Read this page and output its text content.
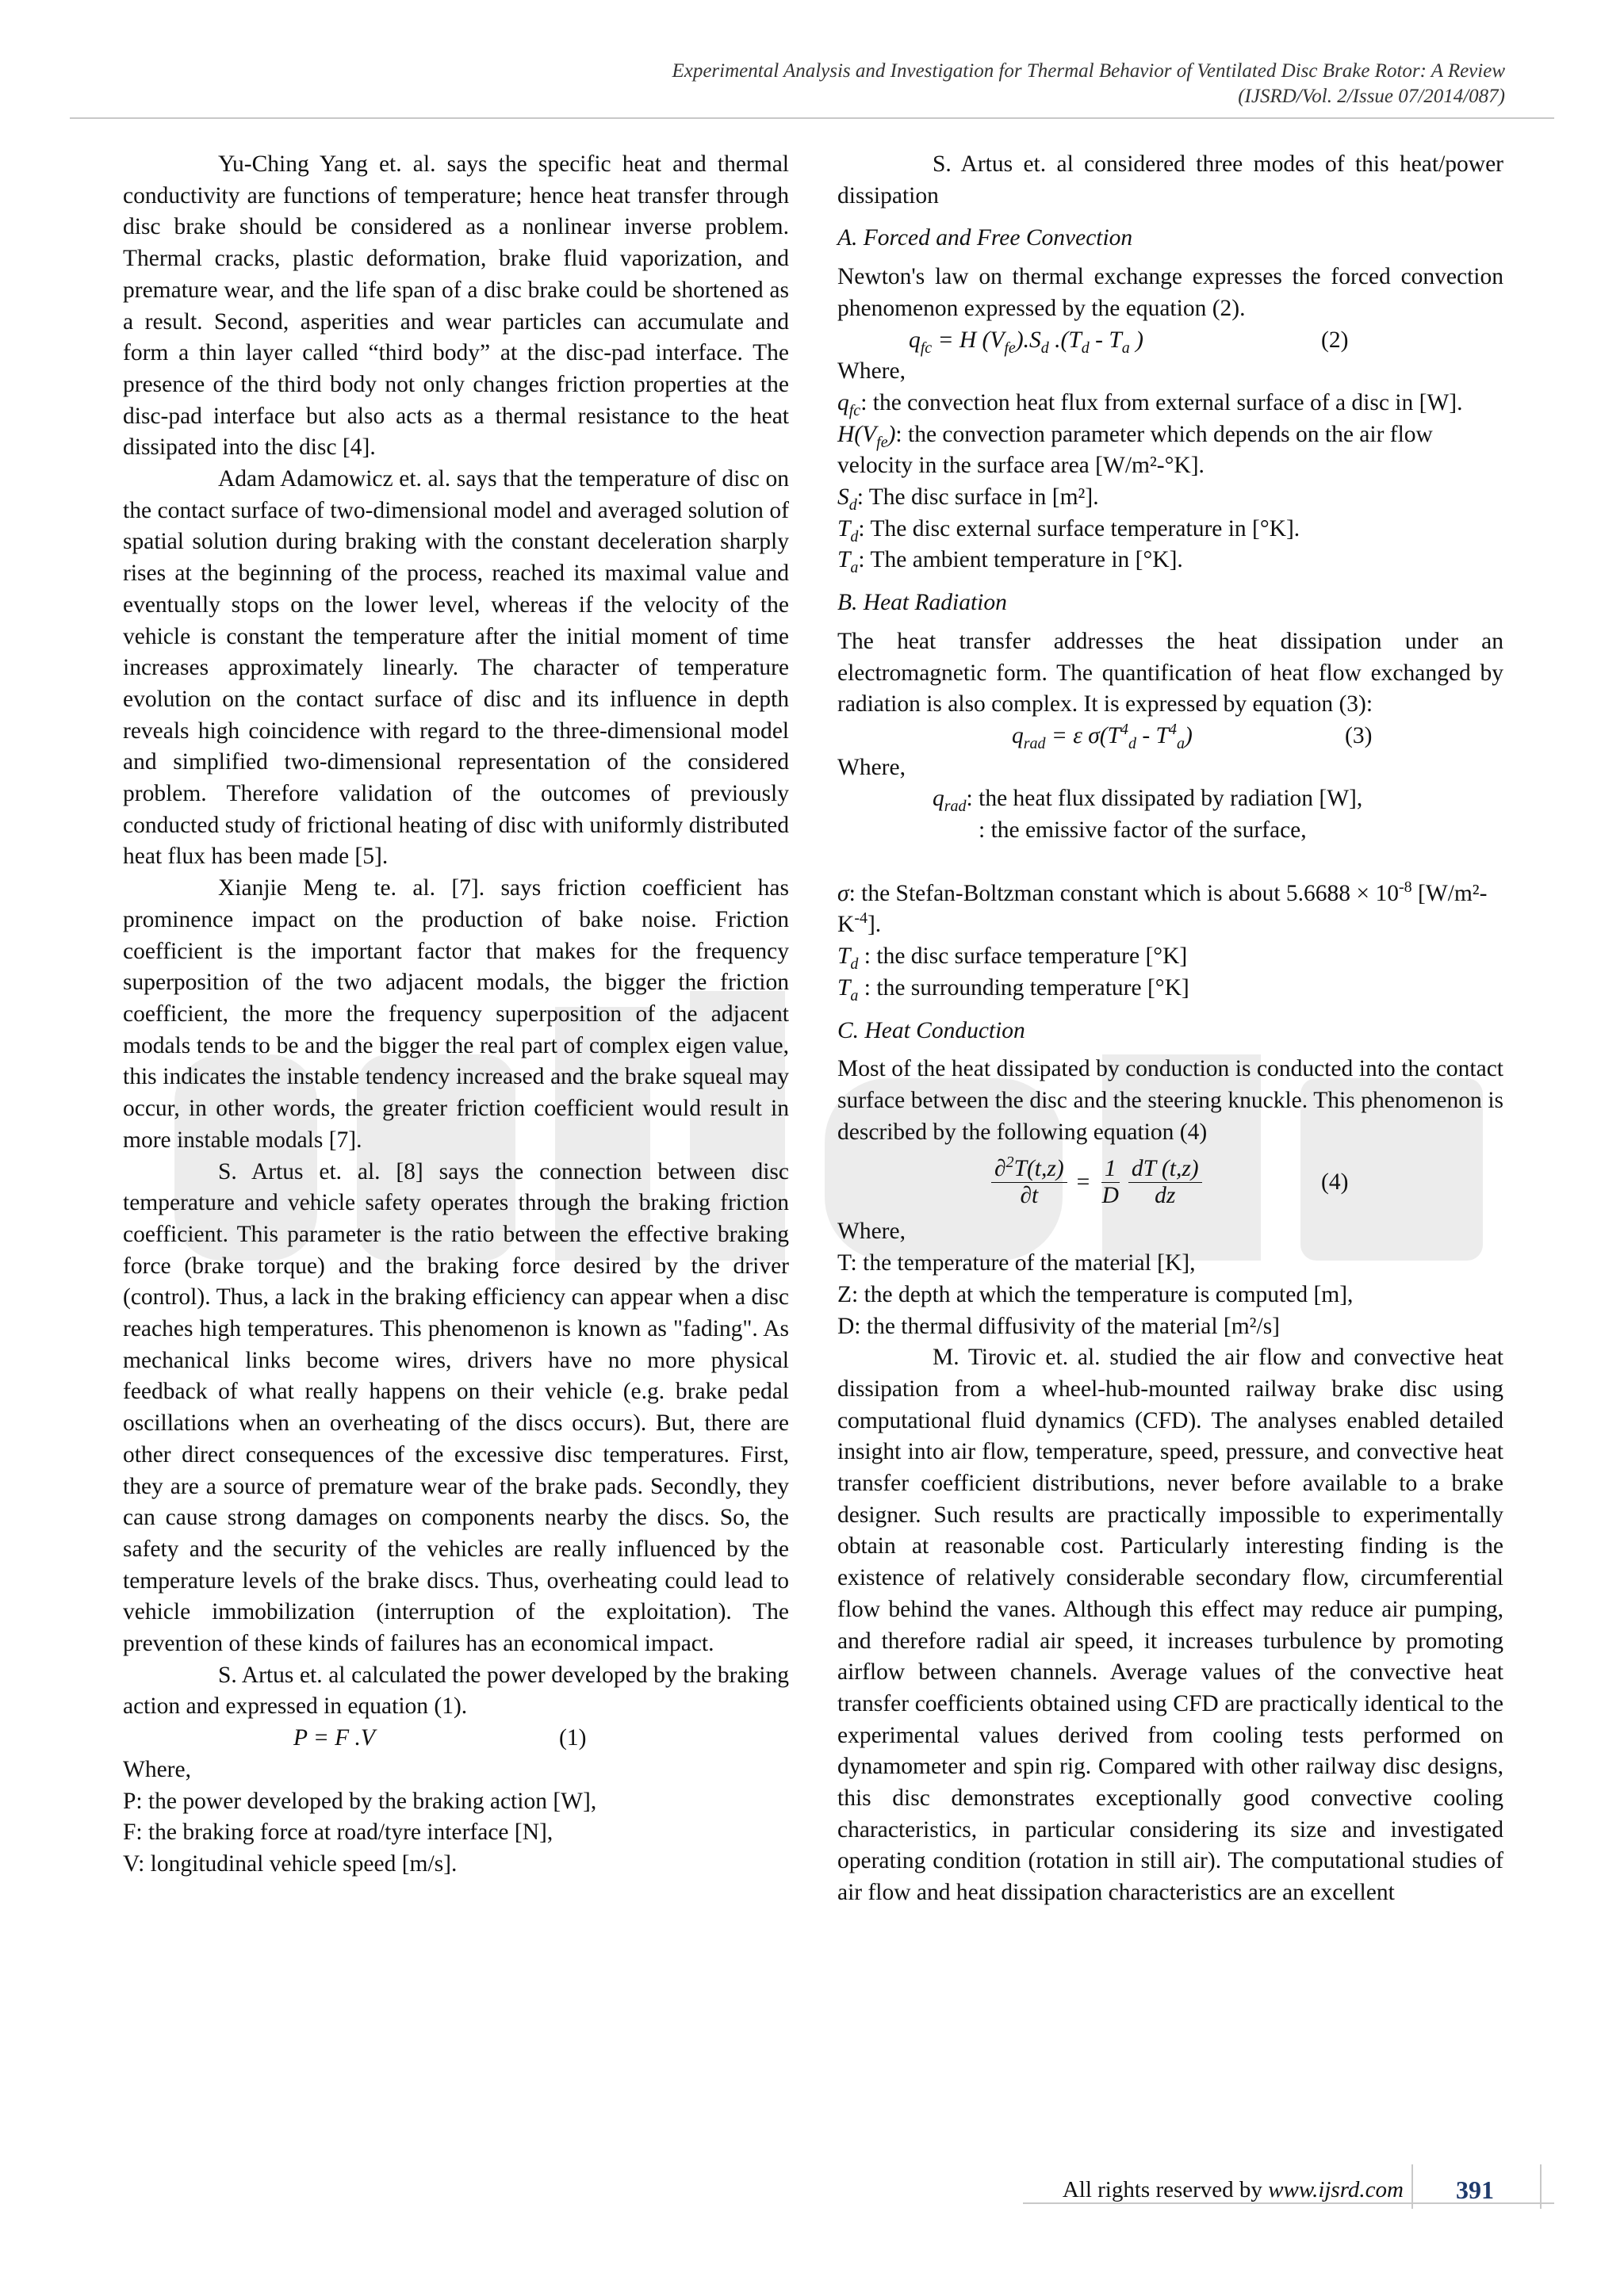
Experimental Analysis and Investigation for Thermal Behavior of Ventilated Disc Brake Rotor: A Review
(IJSRD/Vol. 2/Issue 07/2014/087)

Yu-Ching Yang et. al. says the specific heat and thermal conductivity are functions of temperature; hence heat transfer through disc brake should be considered as a nonlinear inverse problem. Thermal cracks, plastic deformation, brake fluid vaporization, and premature wear, and the life span of a disc brake could be shortened as a result. Second, asperities and wear particles can accumulate and form a thin layer called “third body” at the disc-pad interface. The presence of the third body not only changes friction properties at the disc-pad interface but also acts as a thermal resistance to the heat dissipated into the disc [4].

Adam Adamowicz et. al. says that the temperature of disc on the contact surface of two-dimensional model and averaged solution of spatial solution during braking with the constant deceleration sharply rises at the beginning of the process, reached its maximal value and eventually stops on the lower level, whereas if the velocity of the vehicle is constant the temperature after the initial moment of time increases approximately linearly. The character of temperature evolution on the contact surface of disc and its influence in depth reveals high coincidence with regard to the three-dimensional model and simplified two-dimensional representation of the considered problem. Therefore validation of the outcomes of previously conducted study of frictional heating of disc with uniformly distributed heat flux has been made [5].

Xianjie Meng te. al. [7]. says friction coefficient has prominence impact on the production of bake noise. Friction coefficient is the important factor that makes for the frequency superposition of the two adjacent modals, the bigger the friction coefficient, the more the frequency superposition of the adjacent modals tends to be and the bigger the real part of complex eigen value, this indicates the instable tendency increased and the brake squeal may occur, in other words, the greater friction coefficient would result in more instable modals [7].

S. Artus et. al. [8] says the connection between disc temperature and vehicle safety operates through the braking friction coefficient. This parameter is the ratio between the effective braking force (brake torque) and the braking force desired by the driver (control). Thus, a lack in the braking efficiency can appear when a disc reaches high temperatures. This phenomenon is known as "fading". As mechanical links become wires, drivers have no more physical feedback of what really happens on their vehicle (e.g. brake pedal oscillations when an overheating of the discs occurs). But, there are other direct consequences of the excessive disc temperatures. First, they are a source of premature wear of the brake pads. Secondly, they can cause strong damages on components nearby the discs. So, the safety and the security of the vehicles are really influenced by the temperature levels of the brake discs. Thus, overheating could lead to vehicle immobilization (interruption of the exploitation). The prevention of these kinds of failures has an economical impact.

S. Artus et. al calculated the power developed by the braking action and expressed in equation (1).

P = F .V	(1)

Where,

P: the power developed by the braking action [W],

F: the braking force at road/tyre interface [N],

V: longitudinal vehicle speed [m/s].

S. Artus et. al considered three modes of this heat/power dissipation

A. Forced and Free Convection

Newton's law on thermal exchange expresses the forced convection phenomenon expressed by the equation (2).

$q_{fc} = H$ $(V_{fe}).S_d$ $.(T_d - T_a$ )	(2)

Where,

$q_{fc}$: the convection heat flux from external surface of a disc in [W].

$H(V_{fe})$: the convection parameter which depends on the air flow velocity in the surface area [W/m²-°K].

$S_d$: The disc surface in [m²].

$T_d$: The disc external surface temperature in [°K].

$T_a$: The ambient temperature in [°K].

B. Heat Radiation

The heat transfer addresses the heat dissipation under an electromagnetic form. The quantification of heat flow exchanged by radiation is also complex. It is expressed by equation (3):

$q_{rad} = \varepsilon$ $\sigma(T^4_d - T^4_a)$	(3)

Where,

$q_{rad}$: the heat flux dissipated by radiation [W],

: the emissive factor of the surface,

σ: the Stefan-Boltzman constant which is about $5.6688 \times 10^{-8}$ $[W/m^2-K^{-4}]$.

$T_d$ : the disc surface temperature [°K]

$T_a$ : the surrounding temperature [°K]

C. Heat Conduction

Most of the heat dissipated by conduction is conducted into the contact surface between the disc and the steering knuckle. This phenomenon is described by the following equation (4)

$\frac{\partial^2T(t,z)}{\partial t} = \frac{1}{D} \frac{dT (t,z)}{dz}$	(4)

Where,

T: the temperature of the material [K],

Z: the depth at which the temperature is computed [m],

D: the thermal diffusivity of the material [m²/s]

M. Tirovic et. al. studied the air flow and convective heat dissipation from a wheel-hub-mounted railway brake disc using computational fluid dynamics (CFD). The analyses enabled detailed insight into air flow, temperature, speed, pressure, and convective heat transfer coefficient distributions, never before available to a brake designer. Such results are practically impossible to experimentally obtain at reasonable cost. Particularly interesting finding is the existence of relatively considerable secondary flow, circumferential flow behind the vanes. Although this effect may reduce air pumping, and therefore radial air speed, it increases turbulence by promoting airflow between channels. Average values of the convective heat transfer coefficients obtained using CFD are practically identical to the experimental values derived from cooling tests performed on dynamometer and spin rig. Compared with other railway disc designs, this disc demonstrates exceptionally good convective cooling characteristics, in particular considering its size and investigated operating condition (rotation in still air). The computational studies of air flow and heat dissipation characteristics are an excellent

All rights reserved by www.ijsrd.com	391
